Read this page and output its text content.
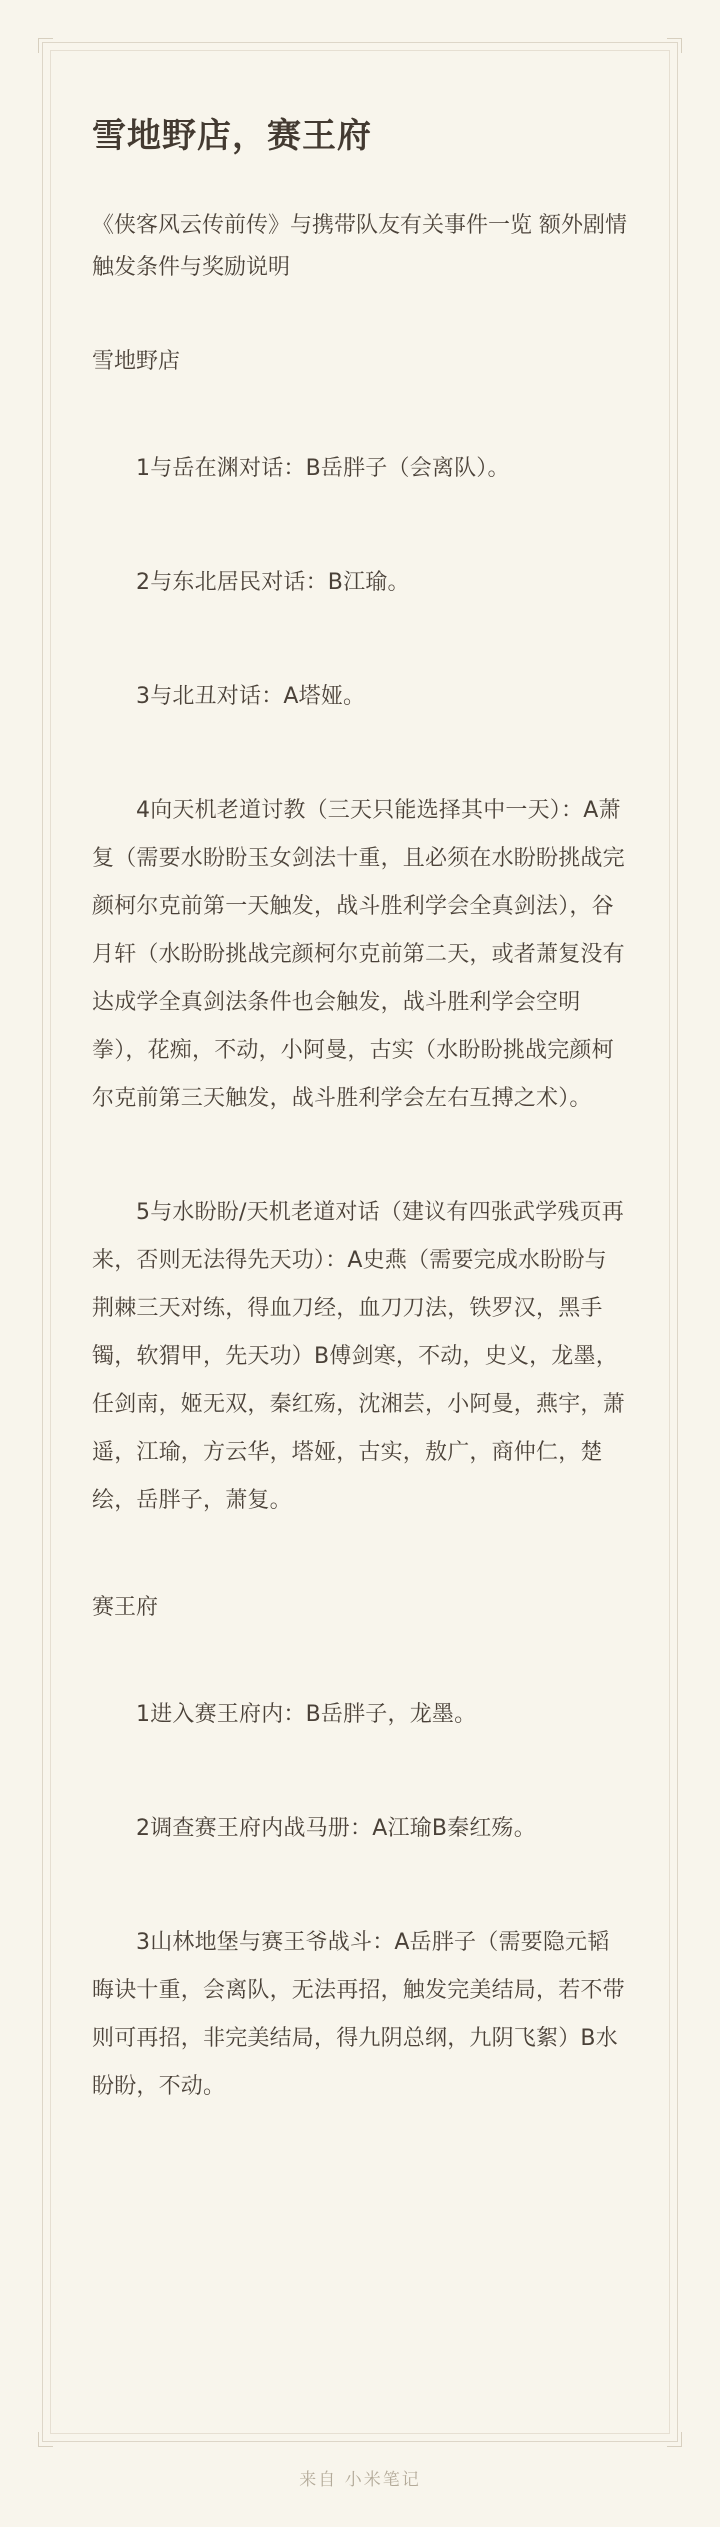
雪地野店，赛王府

《侠客风云传前传》与携带队友有关事件一览 额外剧情触发条件与奖励说明

雪地野店

1与岳在渊对话：B岳胖子（会离队）。

2与东北居民对话：B江瑜。

3与北丑对话：A塔娅。

4向天机老道讨教（三天只能选择其中一天）：A萧复（需要水盼盼玉女剑法十重，且必须在水盼盼挑战完颜柯尔克前第一天触发，战斗胜利学会全真剑法），谷月轩（水盼盼挑战完颜柯尔克前第二天，或者萧复没有达成学全真剑法条件也会触发，战斗胜利学会空明拳），花痴，不动，小阿曼，古实（水盼盼挑战完颜柯尔克前第三天触发，战斗胜利学会左右互搏之术）。

5与水盼盼/天机老道对话（建议有四张武学残页再来，否则无法得先天功）：A史燕（需要完成水盼盼与荆棘三天对练，得血刀经，血刀刀法，铁罗汉，黑手镯，软猬甲，先天功）B傅剑寒，不动，史义，龙墨，任剑南，姬无双，秦红殇，沈湘芸，小阿曼，燕宇，萧遥，江瑜，方云华，塔娅，古实，敖广，商仲仁，楚绘，岳胖子，萧复。

赛王府

1进入赛王府内：B岳胖子，龙墨。

2调查赛王府内战马册：A江瑜B秦红殇。

3山林地堡与赛王爷战斗：A岳胖子（需要隐元韬晦诀十重，会离队，无法再招，触发完美结局，若不带则可再招，非完美结局，得九阴总纲，九阴飞絮）B水盼盼，不动。

来自 小米笔记
